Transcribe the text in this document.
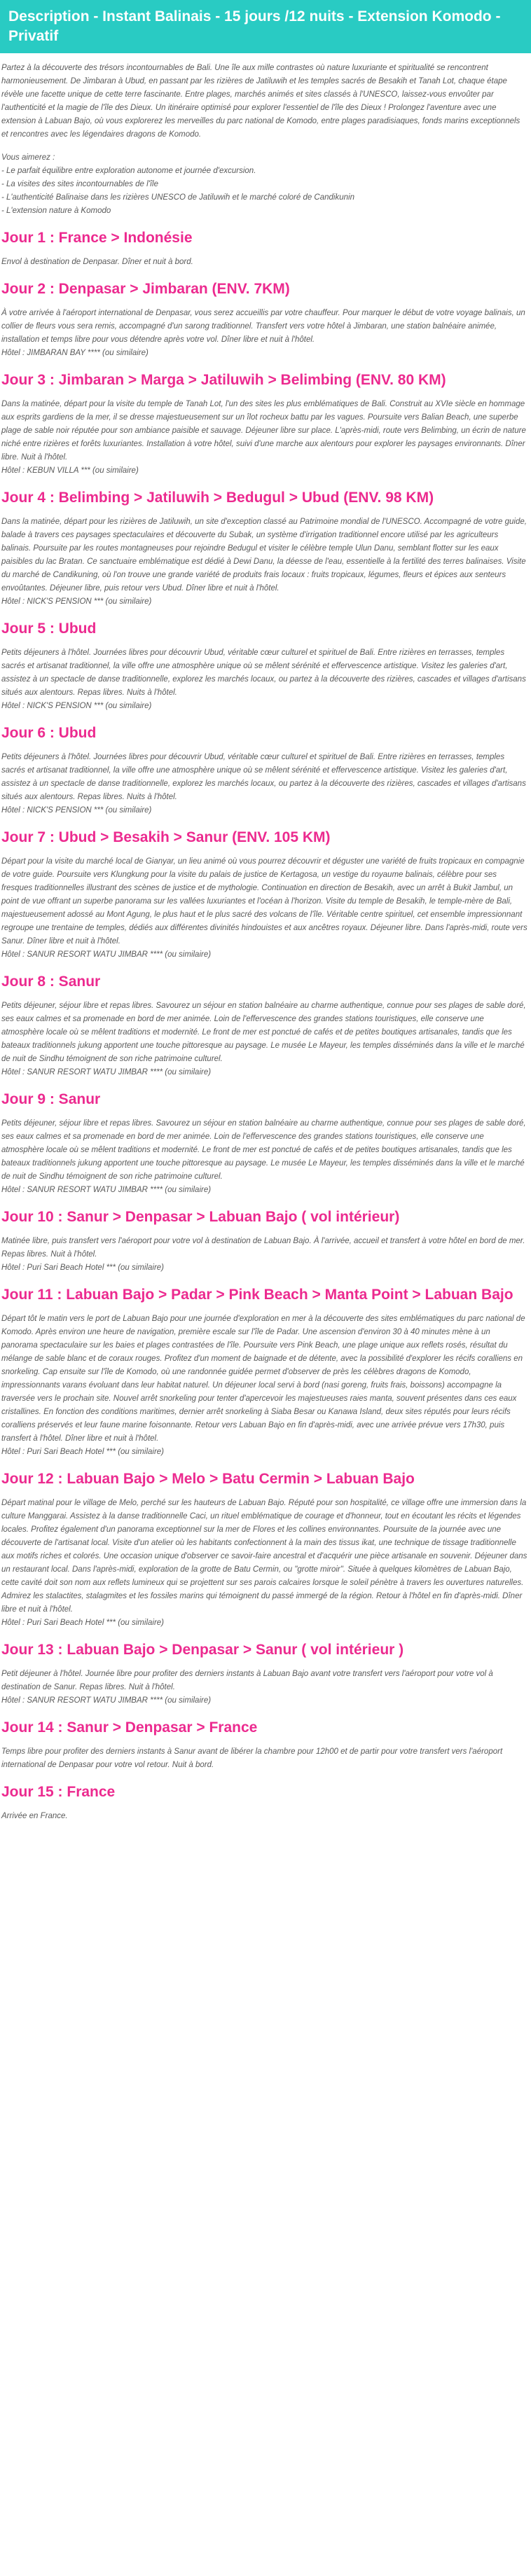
Description - Instant Balinais - 15 jours /12 nuits - Extension Komodo - Privatif
Partez à la découverte des trésors incontournables de Bali. Une île aux mille contrastes où nature luxuriante et spiritualité se rencontrent harmonieusement. De Jimbaran à Ubud, en passant par les rizières de Jatiluwih et les temples sacrés de Besakih et Tanah Lot, chaque étape révèle une facette unique de cette terre fascinante. Entre plages, marchés animés et sites classés à l'UNESCO, laissez-vous envoûter par l'authenticité et la magie de l'île des Dieux. Un itinéraire optimisé pour explorer l'essentiel de l'île des Dieux ! Prolongez l'aventure avec une extension à Labuan Bajo, où vous explorerez les merveilles du parc national de Komodo, entre plages paradisiaques, fonds marins exceptionnels et rencontres avec les légendaires dragons de Komodo.
Vous aimerez :
- Le parfait équilibre entre exploration autonome et journée d'excursion.
- La visites des sites incontournables de l'île
- L'authenticité Balinaise dans les rizières UNESCO de Jatiluwih et le marché coloré de Candikunin
- L'extension nature à Komodo
Jour 1 : France > Indonésie
Envol à destination de Denpasar. Dîner et nuit à bord.
Jour 2 : Denpasar > Jimbaran (ENV. 7KM)
À votre arrivée à l'aéroport international de Denpasar, vous serez accueillis par votre chauffeur. Pour marquer le début de votre voyage balinais, un collier de fleurs vous sera remis, accompagné d'un sarong traditionnel. Transfert vers votre hôtel à Jimbaran, une station balnéaire animée, installation et temps libre pour vous détendre après votre vol. Dîner libre et nuit à l'hôtel.
Hôtel : JIMBARAN BAY **** (ou similaire)
Jour 3 : Jimbaran > Marga > Jatiluwih > Belimbing (ENV. 80 KM)
Dans la matinée, départ pour la visite du temple de Tanah Lot, l'un des sites les plus emblématiques de Bali. Construit au XVIe siècle en hommage aux esprits gardiens de la mer, il se dresse majestueusement sur un îlot rocheux battu par les vagues. Poursuite vers Balian Beach, une superbe plage de sable noir réputée pour son ambiance paisible et sauvage. Déjeuner libre sur place. L'après-midi, route vers Belimbing, un écrin de nature niché entre rizières et forêts luxuriantes. Installation à votre hôtel, suivi d'une marche aux alentours pour explorer les paysages environnants. Dîner libre. Nuit à l'hôtel.
Hôtel : KEBUN VILLA *** (ou similaire)
Jour 4 : Belimbing > Jatiluwih > Bedugul > Ubud (ENV. 98 KM)
Dans la matinée, départ pour les rizières de Jatiluwih, un site d'exception classé au Patrimoine mondial de l'UNESCO. Accompagné de votre guide, balade à travers ces paysages spectaculaires et découverte du Subak, un système d'irrigation traditionnel encore utilisé par les agriculteurs balinais. Poursuite par les routes montagneuses pour rejoindre Bedugul et visiter le célèbre temple Ulun Danu, semblant flotter sur les eaux paisibles du lac Bratan. Ce sanctuaire emblématique est dédié à Dewi Danu, la déesse de l'eau, essentielle à la fertilité des terres balinaises. Visite du marché de Candikuning, où l'on trouve une grande variété de produits frais locaux : fruits tropicaux, légumes, fleurs et épices aux senteurs envoûtantes. Déjeuner libre, puis retour vers Ubud. Dîner libre et nuit à l'hôtel.
Hôtel : NICK'S PENSION *** (ou similaire)
Jour 5 : Ubud
Petits déjeuners à l'hôtel. Journées libres pour découvrir Ubud, véritable cœur culturel et spirituel de Bali. Entre rizières en terrasses, temples sacrés et artisanat traditionnel, la ville offre une atmosphère unique où se mêlent sérénité et effervescence artistique. Visitez les galeries d'art, assistez à un spectacle de danse traditionnelle, explorez les marchés locaux, ou partez à la découverte des rizières, cascades et villages d'artisans situés aux alentours. Repas libres. Nuits à l'hôtel.
Hôtel : NICK'S PENSION *** (ou similaire)
Jour 6 : Ubud
Petits déjeuners à l'hôtel. Journées libres pour découvrir Ubud, véritable cœur culturel et spirituel de Bali. Entre rizières en terrasses, temples sacrés et artisanat traditionnel, la ville offre une atmosphère unique où se mêlent sérénité et effervescence artistique. Visitez les galeries d'art, assistez à un spectacle de danse traditionnelle, explorez les marchés locaux, ou partez à la découverte des rizières, cascades et villages d'artisans situés aux alentours. Repas libres. Nuits à l'hôtel.
Hôtel : NICK'S PENSION *** (ou similaire)
Jour 7 : Ubud > Besakih > Sanur (ENV. 105 KM)
Départ pour la visite du marché local de Gianyar, un lieu animé où vous pourrez découvrir et déguster une variété de fruits tropicaux en compagnie de votre guide. Poursuite vers Klungkung pour la visite du palais de justice de Kertagosa, un vestige du royaume balinais, célèbre pour ses fresques traditionnelles illustrant des scènes de justice et de mythologie. Continuation en direction de Besakih, avec un arrêt à Bukit Jambul, un point de vue offrant un superbe panorama sur les vallées luxuriantes et l'océan à l'horizon. Visite du temple de Besakih, le temple-mère de Bali, majestueusement adossé au Mont Agung, le plus haut et le plus sacré des volcans de l'île. Véritable centre spirituel, cet ensemble impressionnant regroupe une trentaine de temples, dédiés aux différentes divinités hindouistes et aux ancêtres royaux. Déjeuner libre. Dans l'après-midi, route vers Sanur. Dîner libre et nuit à l'hôtel.
Hôtel : SANUR RESORT WATU JIMBAR **** (ou similaire)
Jour 8 : Sanur
Petits déjeuner, séjour libre et repas libres. Savourez un séjour en station balnéaire au charme authentique, connue pour ses plages de sable doré, ses eaux calmes et sa promenade en bord de mer animée. Loin de l'effervescence des grandes stations touristiques, elle conserve une atmosphère locale où se mêlent traditions et modernité. Le front de mer est ponctué de cafés et de petites boutiques artisanales, tandis que les bateaux traditionnels jukung apportent une touche pittoresque au paysage. Le musée Le Mayeur, les temples disséminés dans la ville et le marché de nuit de Sindhu témoignent de son riche patrimoine culturel.
Hôtel : SANUR RESORT WATU JIMBAR **** (ou similaire)
Jour 9 : Sanur
Petits déjeuner, séjour libre et repas libres. Savourez un séjour en station balnéaire au charme authentique, connue pour ses plages de sable doré, ses eaux calmes et sa promenade en bord de mer animée. Loin de l'effervescence des grandes stations touristiques, elle conserve une atmosphère locale où se mêlent traditions et modernité. Le front de mer est ponctué de cafés et de petites boutiques artisanales, tandis que les bateaux traditionnels jukung apportent une touche pittoresque au paysage. Le musée Le Mayeur, les temples disséminés dans la ville et le marché de nuit de Sindhu témoignent de son riche patrimoine culturel.
Hôtel : SANUR RESORT WATU JIMBAR **** (ou similaire)
Jour 10 : Sanur > Denpasar > Labuan Bajo ( vol intérieur)
Matinée libre, puis transfert vers l'aéroport pour votre vol à destination de Labuan Bajo. À l'arrivée, accueil et transfert à votre hôtel en bord de mer. Repas libres. Nuit à l'hôtel.
Hôtel : Puri Sari Beach Hotel *** (ou similaire)
Jour 11 : Labuan Bajo > Padar > Pink Beach > Manta Point > Labuan Bajo
Départ tôt le matin vers le port de Labuan Bajo pour une journée d'exploration en mer à la découverte des sites emblématiques du parc national de Komodo. Après environ une heure de navigation, première escale sur l'île de Padar. Une ascension d'environ 30 à 40 minutes mène à un panorama spectaculaire sur les baies et plages contrastées de l'île. Poursuite vers Pink Beach, une plage unique aux reflets rosés, résultat du mélange de sable blanc et de coraux rouges. Profitez d'un moment de baignade et de détente, avec la possibilité d'explorer les récifs coralliens en snorkeling. Cap ensuite sur l'île de Komodo, où une randonnée guidée permet d'observer de près les célèbres dragons de Komodo, impressionnants varans évoluant dans leur habitat naturel. Un déjeuner local servi à bord (nasi goreng, fruits frais, boissons) accompagne la traversée vers le prochain site. Nouvel arrêt snorkeling pour tenter d'apercevoir les majestueuses raies manta, souvent présentes dans ces eaux cristallines. En fonction des conditions maritimes, dernier arrêt snorkeling à Siaba Besar ou Kanawa Island, deux sites réputés pour leurs récifs coralliens préservés et leur faune marine foisonnante. Retour vers Labuan Bajo en fin d'après-midi, avec une arrivée prévue vers 17h30, puis transfert à l'hôtel. Dîner libre et nuit à l'hôtel.
Hôtel : Puri Sari Beach Hotel *** (ou similaire)
Jour 12 : Labuan Bajo > Melo > Batu Cermin > Labuan Bajo
Départ matinal pour le village de Melo, perché sur les hauteurs de Labuan Bajo. Réputé pour son hospitalité, ce village offre une immersion dans la culture Manggarai. Assistez à la danse traditionnelle Caci, un rituel emblématique de courage et d'honneur, tout en écoutant les récits et légendes locales. Profitez également d'un panorama exceptionnel sur la mer de Flores et les collines environnantes. Poursuite de la journée avec une découverte de l'artisanat local. Visite d'un atelier où les habitants confectionnent à la main des tissus ikat, une technique de tissage traditionnelle aux motifs riches et colorés. Une occasion unique d'observer ce savoir-faire ancestral et d'acquérir une pièce artisanale en souvenir. Déjeuner dans un restaurant local. Dans l'après-midi, exploration de la grotte de Batu Cermin, ou "grotte miroir". Située à quelques kilomètres de Labuan Bajo, cette cavité doit son nom aux reflets lumineux qui se projettent sur ses parois calcaires lorsque le soleil pénètre à travers les ouvertures naturelles. Admirez les stalactites, stalagmites et les fossiles marins qui témoignent du passé immergé de la région. Retour à l'hôtel en fin d'après-midi. Dîner libre et nuit à l'hôtel.
Hôtel : Puri Sari Beach Hotel *** (ou similaire)
Jour 13 : Labuan Bajo > Denpasar > Sanur ( vol intérieur )
Petit déjeuner à l'hôtel. Journée libre pour profiter des derniers instants à Labuan Bajo avant votre transfert vers l'aéroport pour votre vol à destination de Sanur. Repas libres. Nuit à l'hôtel.
Hôtel : SANUR RESORT WATU JIMBAR **** (ou similaire)
Jour 14 : Sanur > Denpasar > France
Temps libre pour profiter des derniers instants à Sanur avant de libérer la chambre pour 12h00 et de partir pour votre transfert vers l'aéroport international de Denpasar pour votre vol retour. Nuit à bord.
Jour 15 : France
Arrivée en France.
